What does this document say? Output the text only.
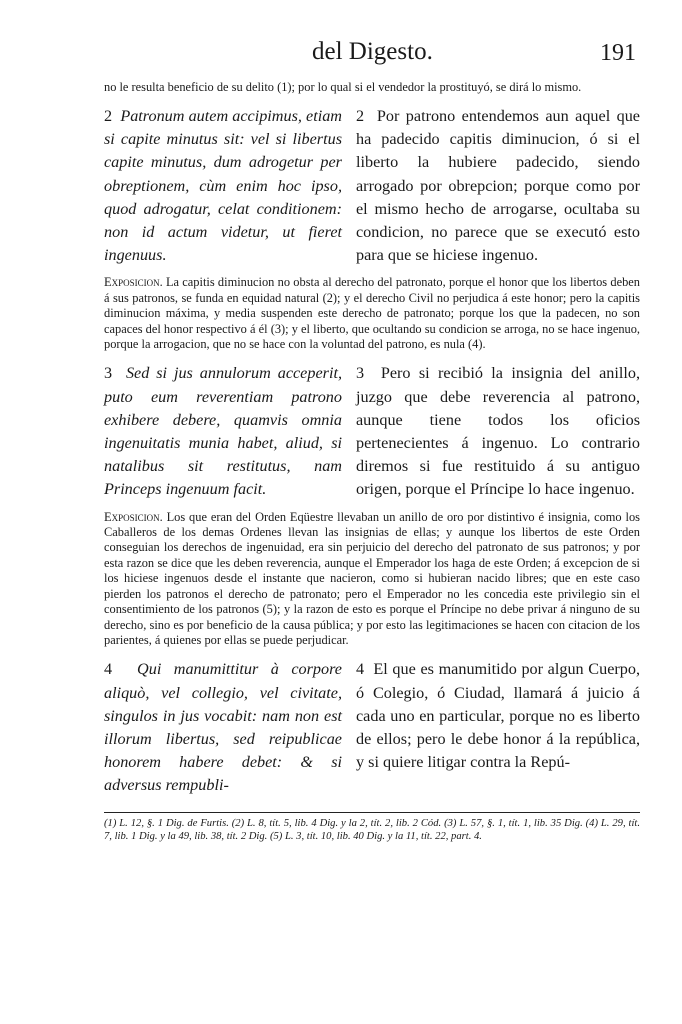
del Digesto.	191
no le resulta beneficio de su delito (1); por lo qual si el vendedor la prostituyó, se dirá lo mismo.
2 Patronum autem accipimus, etiam si capite minutus sit: vel si libertus capite minutus, dum adrogetur per obreptionem, cùm enim hoc ipso, quod adrogatur, celat conditionem: non id actum videtur, ut fieret ingenuus.
2 Por patrono entendemos aun aquel que ha padecido capitis diminucion, ó si el liberto la hubiere padecido, siendo arrogado por obrepcion; porque como por el mismo hecho de arrogarse, ocultaba su condicion, no parece que se executó esto para que se hiciese ingenuo.
Exposicion. La capitis diminucion no obsta al derecho del patronato, porque el honor que los libertos deben á sus patronos, se funda en equidad natural (2); y el derecho Civil no perjudica á este honor; pero la capitis diminucion máxima, y media suspenden este derecho de patronato; porque los que la padecen, no son capaces del honor respectivo á él (3); y el liberto, que ocultando su condicion se arroga, no se hace ingenuo, porque la arrogacion, que no se hace con la voluntad del patrono, es nula (4).
3 Sed si jus annulorum acceperit, puto eum reverentiam patrono exhibere debere, quamvis omnia ingenuitatis munia habet, aliud, si natalibus sit restitutus, nam Princeps ingenuum facit.
3 Pero si recibió la insignia del anillo, juzgo que debe reverencia al patrono, aunque tiene todos los oficios pertenecientes á ingenuo. Lo contrario diremos si fue restituido á su antiguo origen, porque el Príncipe lo hace ingenuo.
Exposicion. Los que eran del Orden Eqüestre llevaban un anillo de oro por distintivo é insignia, como los Caballeros de los demas Ordenes llevan las insignias de ellas; y aunque los libertos de este Orden conseguian los derechos de ingenuidad, era sin perjuicio del derecho del patronato de sus patronos; y por esta razon se dice que les deben reverencia, aunque el Emperador los haga de este Orden; á excepcion de si los hiciese ingenuos desde el instante que nacieron, como si hubieran nacido libres; que en este caso pierden los patronos el derecho de patronato; pero el Emperador no les concedia este privilegio sin el consentimiento de los patronos (5); y la razon de esto es porque el Príncipe no debe privar á ninguno de su derecho, sino es por beneficio de la causa pública; y por esto las legitimaciones se hacen con citacion de los parientes, á quienes por ellas se puede perjudicar.
4 Qui manumittitur à corpore aliquò, vel collegio, vel civitate, singulos in jus vocabit: nam non est illorum libertus, sed reipublicae honorem habere debet: & si adversus rempubli-
4 El que es manumitido por algun Cuerpo, ó Colegio, ó Ciudad, llamará á juicio á cada uno en particular, porque no es liberto de ellos; pero le debe honor á la república, y si quiere litigar contra la Repú-
(1) L. 12, §. 1 Dig. de Furtis. (2) L. 8, tít. 5, lib. 4 Dig. y la 2, tít. 2, lib. 2 Cód. (3) L. 57, §. 1, tít. 1, lib. 35 Dig. (4) L. 29, tít. 7, lib. 1 Dig. y la 49, lib. 38, tít. 2 Dig. (5) L. 3, tít. 10, lib. 40 Dig. y la 11, tít. 22, part. 4.
